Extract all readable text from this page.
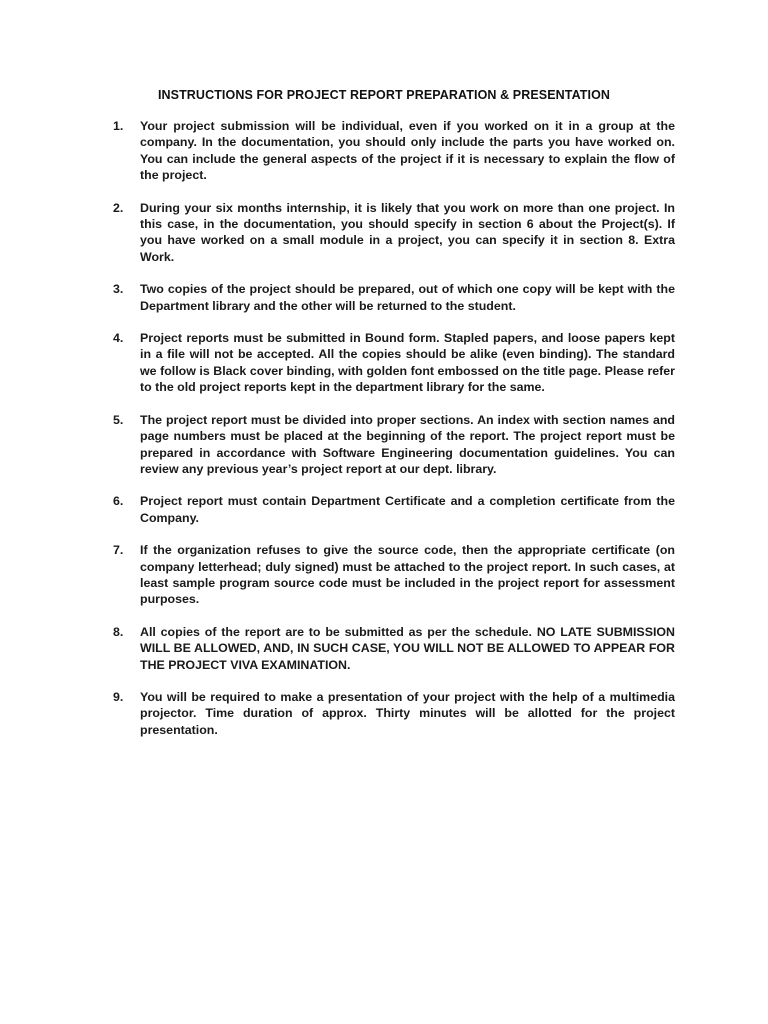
INSTRUCTIONS FOR PROJECT REPORT PREPARATION & PRESENTATION
1.	Your project submission will be individual, even if you worked on it in a group at the company. In the documentation, you should only include the parts you have worked on. You can include the general aspects of the project if it is necessary to explain the flow of the project.
2.	During your six months internship, it is likely that you work on more than one project. In this case, in the documentation, you should specify in section 6 about the Project(s). If you have worked on a small module in a project, you can specify it in section 8. Extra Work.
3.	Two copies of the project should be prepared, out of which one copy will be kept with the Department library and the other will be returned to the student.
4.	Project reports must be submitted in Bound form. Stapled papers, and loose papers kept in a file will not be accepted. All the copies should be alike (even binding). The standard we follow is Black cover binding, with golden font embossed on the title page. Please refer to the old project reports kept in the department library for the same.
5.	The project report must be divided into proper sections. An index with section names and page numbers must be placed at the beginning of the report. The project report must be prepared in accordance with Software Engineering documentation guidelines. You can review any previous year’s project report at our dept. library.
6.	Project report must contain Department Certificate and a completion certificate from the Company.
7.	If the organization refuses to give the source code, then the appropriate certificate (on company letterhead; duly signed) must be attached to the project report. In such cases, at least sample program source code must be included in the project report for assessment purposes.
8.	All copies of the report are to be submitted as per the schedule. NO LATE SUBMISSION WILL BE ALLOWED, AND, IN SUCH CASE, YOU WILL NOT BE ALLOWED TO APPEAR FOR THE PROJECT VIVA EXAMINATION.
9.	You will be required to make a presentation of your project with the help of a multimedia projector. Time duration of approx. Thirty minutes will be allotted for the project presentation.
